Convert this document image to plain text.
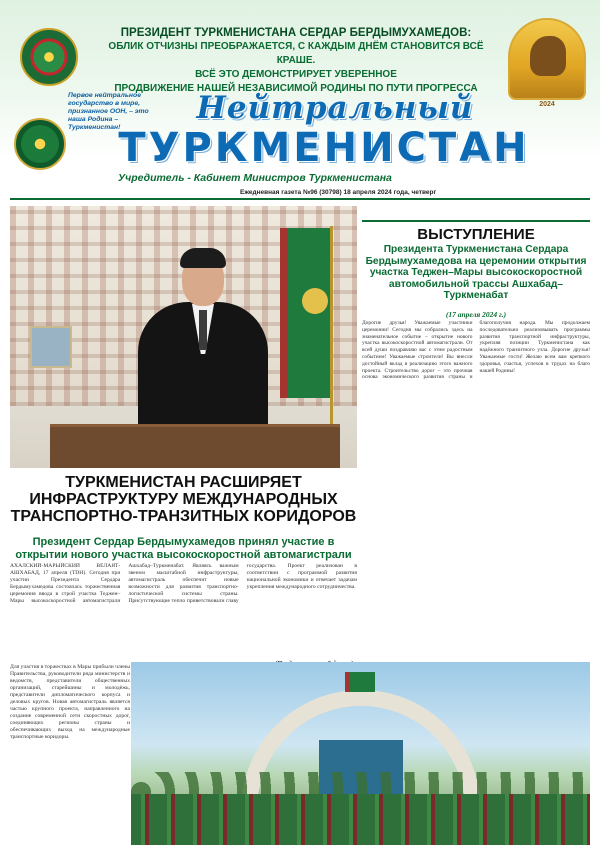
2024
ПРЕЗИДЕНТ ТУРКМЕНИСТАНА СЕРДАР БЕРДЫМУХАМЕДОВ:
ОБЛИК ОТЧИЗНЫ ПРЕОБРАЖАЕТСЯ, С КАЖДЫМ ДНЁМ СТАНОВИТСЯ ВСЁ КРАШЕ.
ВСЁ ЭТО ДЕМОНСТРИРУЕТ УВЕРЕННОЕ
ПРОДВИЖЕНИЕ НАШЕЙ НЕЗАВИСИМОЙ РОДИНЫ ПО ПУТИ ПРОГРЕССА
Первое нейтральное государство в мире, признанное ООН, – это наша Родина – Туркменистан!
Нейтральный
ТУРКМЕНИСТАН
Учредитель - Кабинет Министров Туркменистана
Ежедневная газета №96 (30798) 18 апреля 2024 года, четверг
ТУРКМЕНИСТАН РАСШИРЯЕТ ИНФРАСТРУКТУРУ МЕЖДУНАРОДНЫХ ТРАНСПОРТНО-ТРАНЗИТНЫХ КОРИДОРОВ
Президент Сердар Бердымухамедов принял участие в открытии нового участка высокоскоростной автомагистрали
АХАЛСКИЙ-МАРЫЙСКИЙ ВЕЛАЯТ-АШХАБАД, 17 апреля (TDH). Сегодня при участии Президента Сердара Бердымухамедова состоялась торжественная церемония ввода в строй участка Теджен–Мары высокоскоростной автомагистрали Ашхабад–Туркменабат. Являясь важным звеном масштабной инфраструктуры, автомагистраль обеспечит новые возможности для развития транспортно-логистической системы страны. Присутствующие тепло приветствовали главу государства. Проект реализован в соответствии с программой развития национальной экономики и отвечает задачам укрепления международного сотрудничества.
Для участия в торжествах в Мары прибыли члены Правительства, руководители ряда министерств и ведомств, представители общественных организаций, старейшины и молодёжь, представители дипломатического корпуса и деловых кругов. Новая автомагистраль является частью крупного проекта, направленного на создание современной сети скоростных дорог, соединяющих регионы страны и обеспечивающих выход на международные транспортные коридоры.
ВЫСТУПЛЕНИЕ
Президента Туркменистана Сердара Бердымухамедова на церемонии открытия участка Теджен–Мары высокоскоростной автомобильной трассы Ашхабад–Туркменабат
(17 апреля 2024 г.)
Дорогие друзья! Уважаемые участники церемонии! Сегодня мы собрались здесь на знаменательное событие – открытие нового участка высокоскоростной автомагистрали. От всей души поздравляю вас с этим радостным событием! Уважаемые строители! Вы внесли достойный вклад в реализацию этого важного проекта. Строительство дорог – это прочная основа экономического развития страны и благополучия народа. Мы продолжаем последовательно реализовывать программы развития транспортной инфраструктуры, укрепляя позиции Туркменистана как надёжного транзитного узла. Дорогие друзья! Уважаемые гости! Желаю всем вам крепкого здоровья, счастья, успехов в трудах на благо нашей Родины!
